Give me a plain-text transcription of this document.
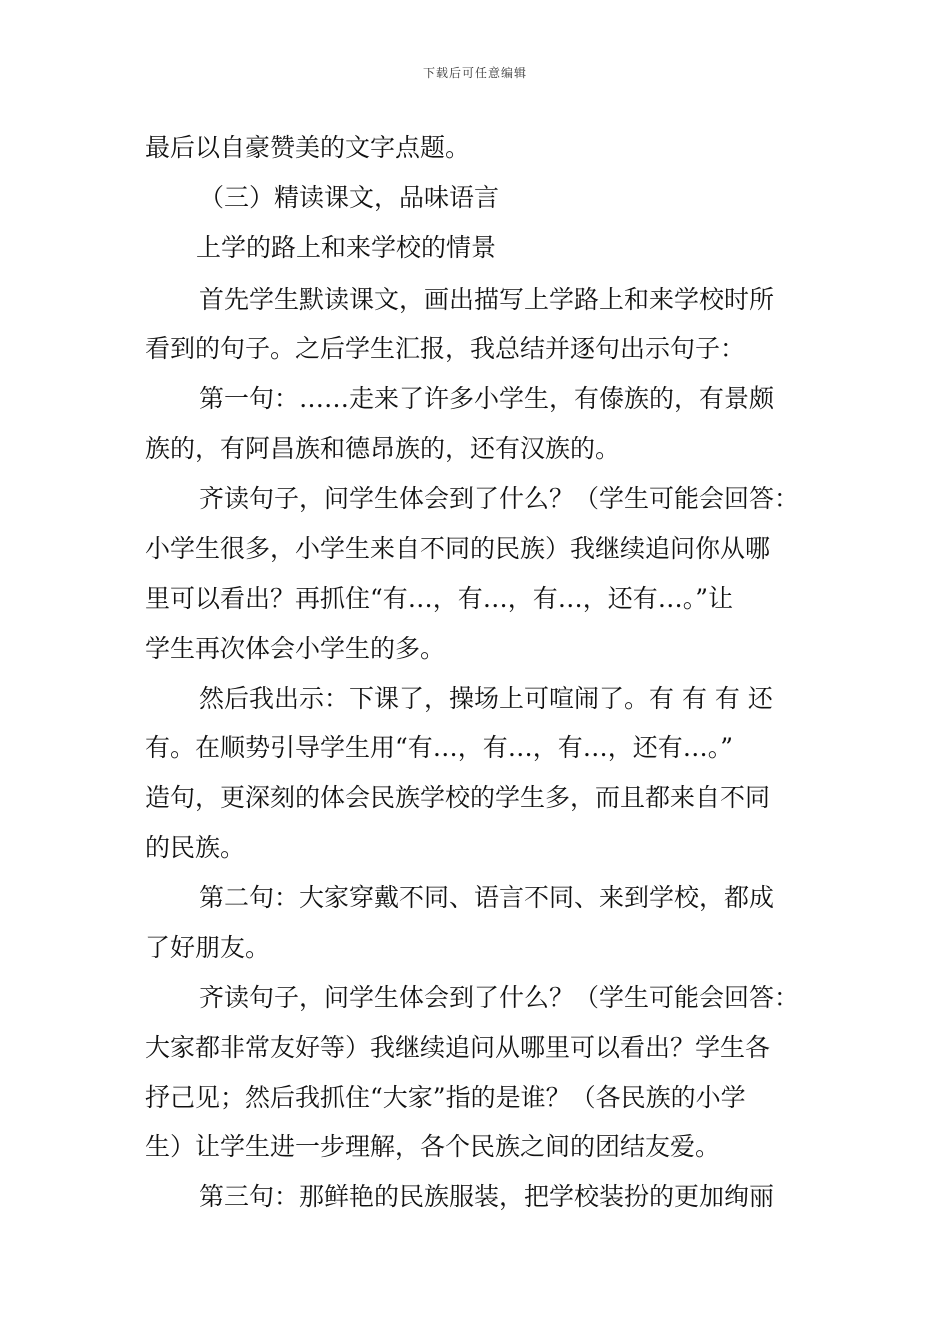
下载后可任意编辑
最后以自豪赞美的文字点题。
（三）精读课文，品味语言
上学的路上和来学校的情景
首先学生默读课文，画出描写上学路上和来学校时所
看到的句子。之后学生汇报，我总结并逐句出示句子：
第一句：……走来了许多小学生，有傣族的，有景颇
族的，有阿昌族和德昂族的，还有汉族的。
齐读句子，问学生体会到了什么？（学生可能会回答：
小学生很多，小学生来自不同的民族）我继续追问你从哪
里可以看出？再抓住“有…，有…，有…，还有…。”让
学生再次体会小学生的多。
然后我出示：下课了，操场上可喧闹了。有 有 有 还
有。在顺势引导学生用“有…，有…，有…，还有…。”
造句，更深刻的体会民族学校的学生多，而且都来自不同
的民族。
第二句：大家穿戴不同、语言不同、来到学校，都成
了好朋友。
齐读句子，问学生体会到了什么？（学生可能会回答：
大家都非常友好等）我继续追问从哪里可以看出？学生各
抒己见；然后我抓住“大家”指的是谁？（各民族的小学
生）让学生进一步理解，各个民族之间的团结友爱。
第三句：那鲜艳的民族服装，把学校装扮的更加绚丽
